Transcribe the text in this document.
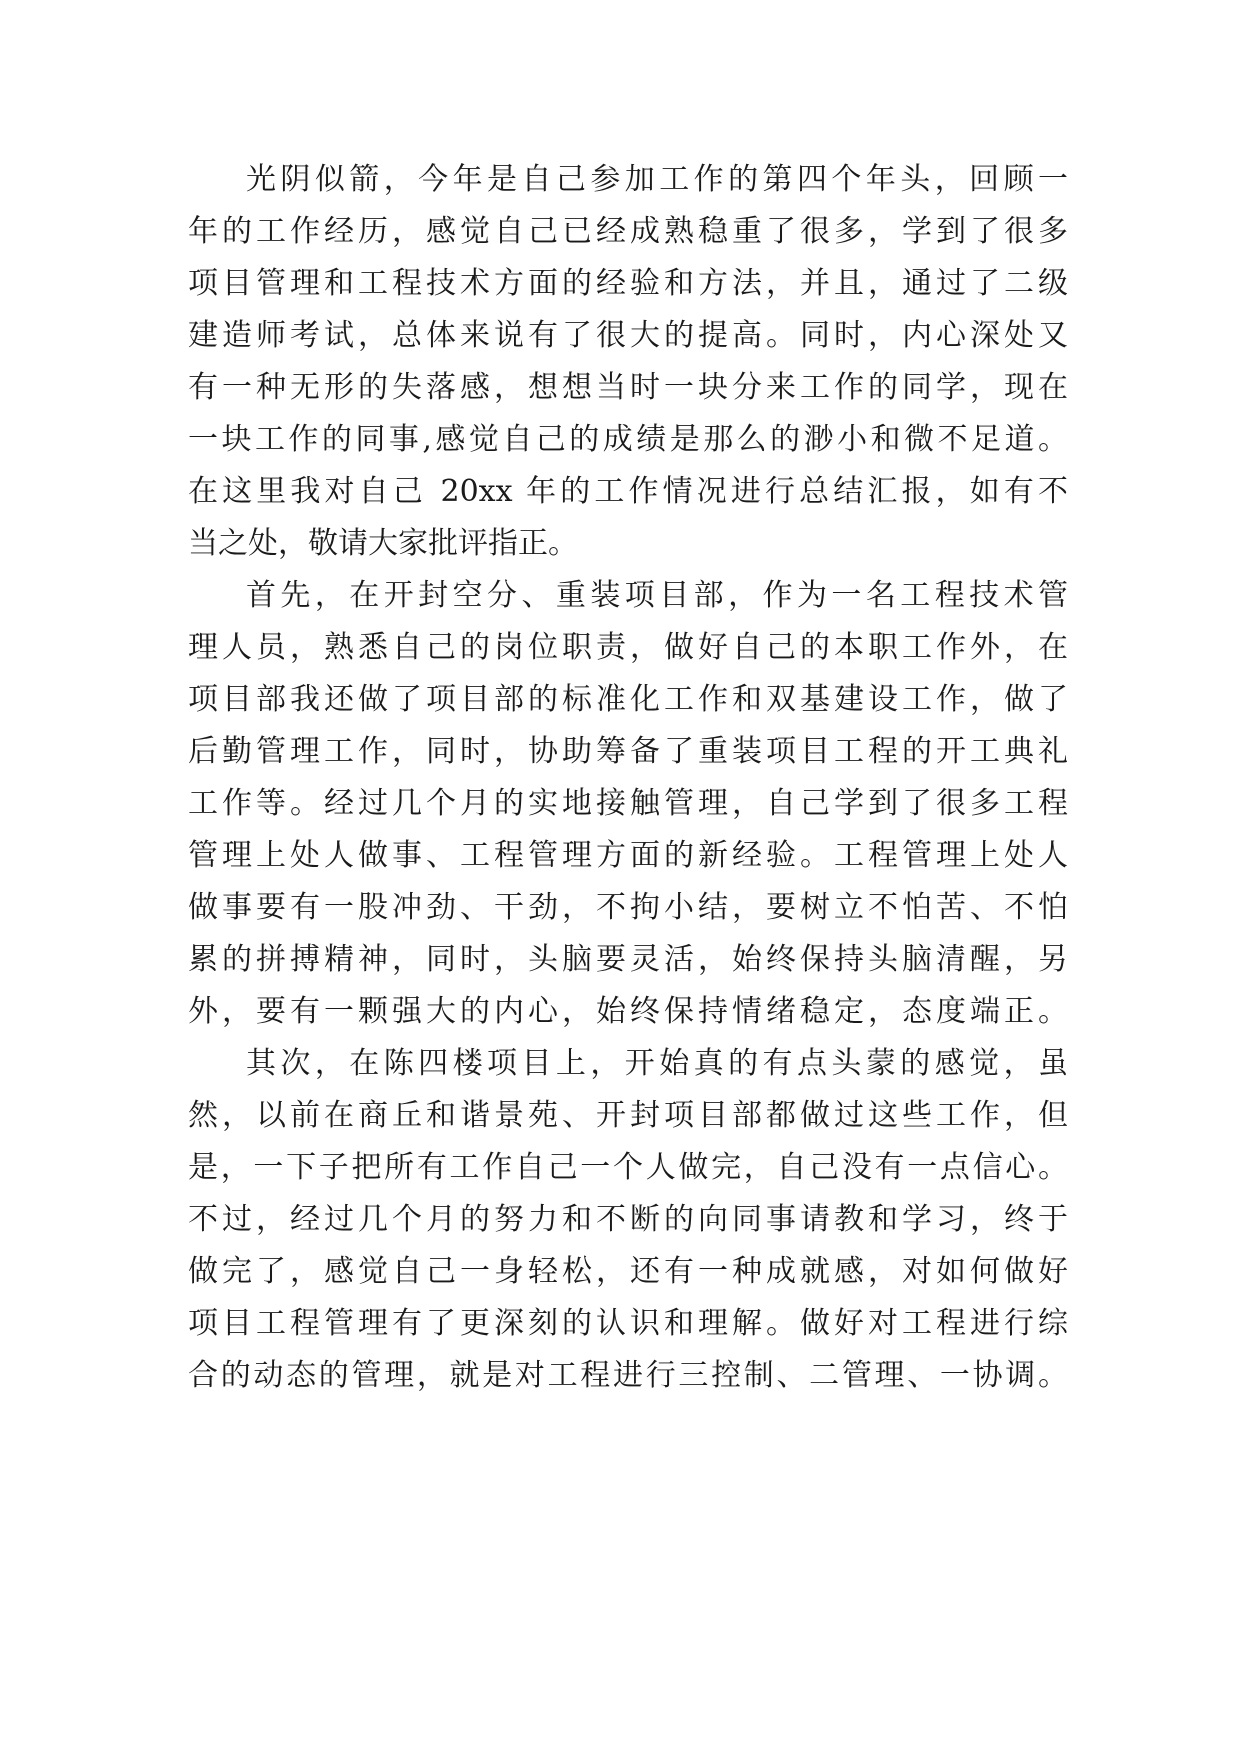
光阴似箭，今年是自己参加工作的第四个年头，回顾一
年的工作经历，感觉自己已经成熟稳重了很多，学到了很多
项目管理和工程技术方面的经验和方法，并且，通过了二级
建造师考试，总体来说有了很大的提高。同时，内心深处又
有一种无形的失落感，想想当时一块分来工作的同学，现在
一块工作的同事,感觉自己的成绩是那么的渺小和微不足道。
在这里我对自己 20xx 年的工作情况进行总结汇报，如有不
当之处，敬请大家批评指正。
首先，在开封空分、重装项目部，作为一名工程技术管
理人员，熟悉自己的岗位职责，做好自己的本职工作外，在
项目部我还做了项目部的标准化工作和双基建设工作，做了
后勤管理工作，同时，协助筹备了重装项目工程的开工典礼
工作等。经过几个月的实地接触管理，自己学到了很多工程
管理上处人做事、工程管理方面的新经验。工程管理上处人
做事要有一股冲劲、干劲，不拘小结，要树立不怕苦、不怕
累的拼搏精神，同时，头脑要灵活，始终保持头脑清醒，另
外，要有一颗强大的内心，始终保持情绪稳定，态度端正。
其次，在陈四楼项目上，开始真的有点头蒙的感觉，虽
然，以前在商丘和谐景苑、开封项目部都做过这些工作，但
是，一下子把所有工作自己一个人做完，自己没有一点信心。
不过，经过几个月的努力和不断的向同事请教和学习，终于
做完了，感觉自己一身轻松，还有一种成就感，对如何做好
项目工程管理有了更深刻的认识和理解。做好对工程进行综
合的动态的管理，就是对工程进行三控制、二管理、一协调。
